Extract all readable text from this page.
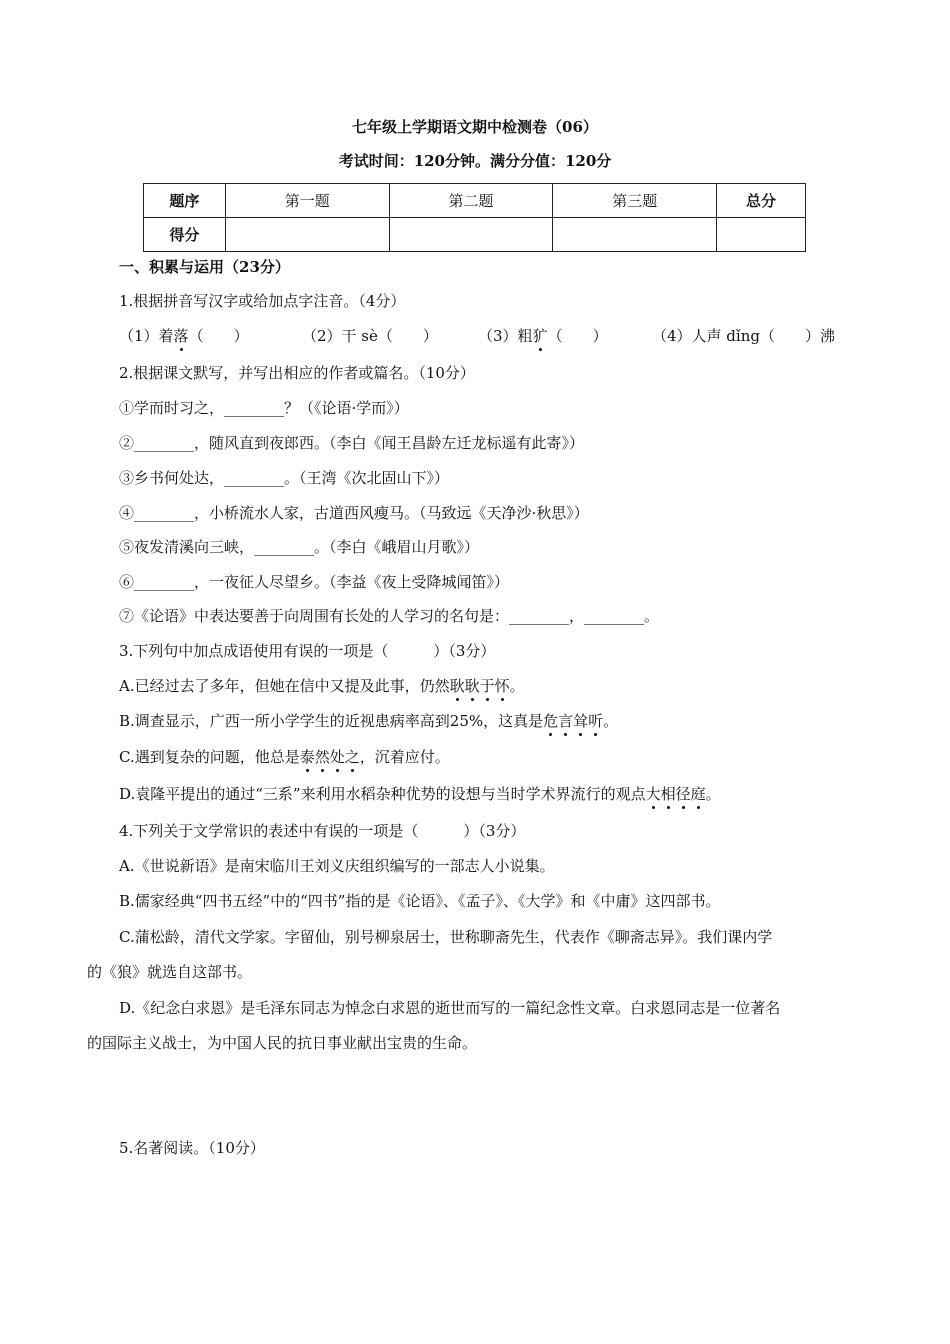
七年级上学期语文期中检测卷（06）
考试时间：120分钟。满分分值：120分
题序	第一题	第二题	第三题	总分
得分				
一、积累与运用（23分）
1.根据拼音写汉字或给加点字注音。（4分）
（1）着落（　　）	（2）干 sè（　　）	（3）粗犷（　　）	（4）人声 dǐng（　　）沸
2.根据课文默写，并写出相应的作者或篇名。（10分）
①学而时习之，________？（《论语·学而》）
②________，随风直到夜郎西。（李白《闻王昌龄左迁龙标遥有此寄》）
③乡书何处达，________。（王湾《次北固山下》）
④________，小桥流水人家，古道西风瘦马。（马致远《天净沙·秋思》）
⑤夜发清溪向三峡，________。（李白《峨眉山月歌》）
⑥________，一夜征人尽望乡。（李益《夜上受降城闻笛》）
⑦《论语》中表达要善于向周围有长处的人学习的名句是：________，________。
3.下列句中加点成语使用有误的一项是（　　　）（3分）
A.已经过去了多年，但她在信中又提及此事，仍然耿耿于怀。
B.调查显示，广西一所小学学生的近视患病率高到25%，这真是危言耸听。
C.遇到复杂的问题，他总是泰然处之，沉着应付。
D.袁隆平提出的通过“三系”来利用水稻杂种优势的设想与当时学术界流行的观点大相径庭。
4.下列关于文学常识的表述中有误的一项是（　　　）（3分）
A.《世说新语》是南宋临川王刘义庆组织编写的一部志人小说集。
B.儒家经典“四书五经”中的“四书”指的是《论语》、《孟子》、《大学》和《中庸》这四部书。
C.蒲松龄，清代文学家。字留仙，别号柳泉居士，世称聊斋先生，代表作《聊斋志异》。我们课内学
的《狼》就选自这部书。
D.《纪念白求恩》是毛泽东同志为悼念白求恩的逝世而写的一篇纪念性文章。白求恩同志是一位著名
的国际主义战士，为中国人民的抗日事业献出宝贵的生命。
5.名著阅读。（10分）
